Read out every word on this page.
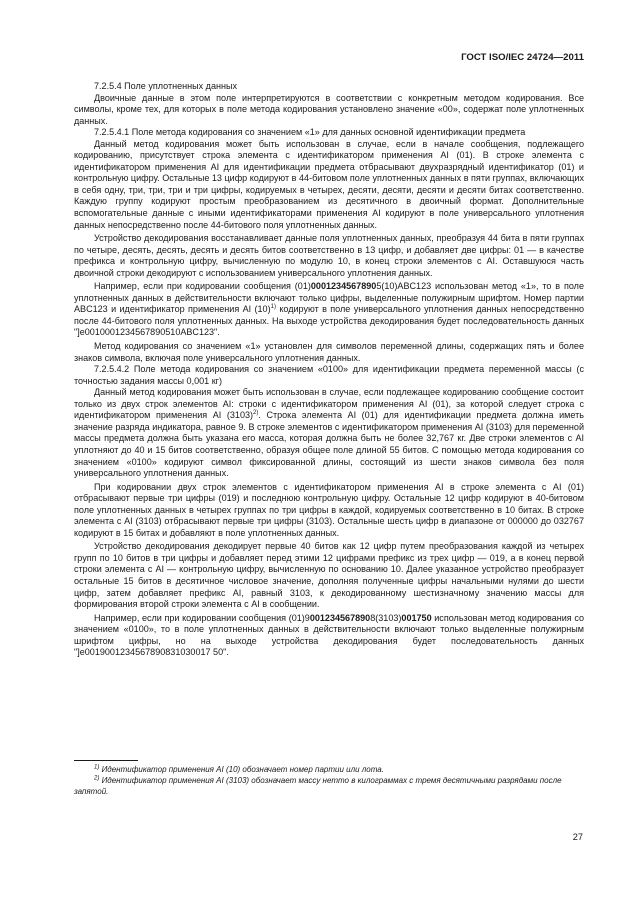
ГОСТ ISO/IEC 24724—2011

7.2.5.4 Поле уплотненных данных

Двоичные данные в этом поле интерпретируются в соответствии с конкретным методом кодирования. Все символы, кроме тех, для которых в поле метода кодирования установлено значение «00», содержат поле уплотненных данных.

7.2.5.4.1 Поле метода кодирования со значением «1» для данных основной идентификации предмета

Данный метод кодирования может быть использован в случае, если в начале сообщения, подлежащего кодированию, присутствует строка элемента с идентификатором применения AI (01). В строке элемента с идентификатором применения AI для идентификации предмета отбрасывают двухразрядный идентификатор (01) и контрольную цифру. Остальные 13 цифр кодируют в 44-битовом поле уплотненных данных в пяти группах, включающих в себя одну, три, три, три и три цифры, кодируемых в четырех, десяти, десяти, десяти и десяти битах соответственно. Каждую группу кодируют простым преобразованием из десятичного в двоичный формат. Дополнительные вспомогательные данные с иными идентификаторами применения AI кодируют в поле универсального уплотнения данных непосредственно после 44-битового поля уплотненных данных.

Устройство декодирования восстанавливает данные поля уплотненных данных, преобразуя 44 бита в пяти группах по четыре, десять, десять, десять и десять битов соответственно в 13 цифр, и добавляет две цифры: 01 — в качестве префикса и контрольную цифру, вычисленную по модулю 10, в конец строки элементов с AI. Оставшуюся часть двоичной строки декодируют с использованием универсального уплотнения данных.

Например, если при кодировании сообщения (01)00012345678905(10)ABC123 использован метод «1», то в поле уплотненных данных в действительности включают только цифры, выделенные полужирным шрифтом. Номер партии ABC123 и идентификатор применения AI $(10)^{1)}$ кодируют в поле универсального уплотнения данных непосредственно после 44-битового поля уплотненных данных. На выходе устройства декодирования будет последовательность данных "]e0010001234567890510ABC123".

Метод кодирования со значением «1» установлен для символов переменной длины, содержащих пять и более знаков символа, включая поле универсального уплотнения данных.

7.2.5.4.2 Поле метода кодирования со значением «0100» для идентификации предмета переменной массы (с точностью задания массы 0,001 кг)

Данный метод кодирования может быть использован в случае, если подлежащее кодированию сообщение состоит только из двух строк элементов AI: строки с идентификатором применения AI (01), за которой следует строка с идентификатором применения AI $(3103)^{2)}$. Строка элемента AI (01) для идентификации предмета должна иметь значение разряда индикатора, равное 9. В строке элементов с идентификатором применения AI (3103) для переменной массы предмета должна быть указана его масса, которая должна быть не более 32,767 кг. Две строки элементов с AI уплотняют до 40 и 15 битов соответственно, образуя общее поле длиной 55 битов. С помощью метода кодирования со значением «0100» кодируют символ фиксированной длины, состоящий из шести знаков символа без поля универсального уплотнения данных.

При кодировании двух строк элементов с идентификатором применения AI в строке элемента с AI (01) отбрасывают первые три цифры (019) и последнюю контрольную цифру. Остальные 12 цифр кодируют в 40-битовом поле уплотненных данных в четырех группах по три цифры в каждой, кодируемых соответственно в 10 битах. В строке элемента с AI (3103) отбрасывают первые три цифры (3103). Остальные шесть цифр в диапазоне от 000000 до 032767 кодируют в 15 битах и добавляют в поле уплотненных данных.

Устройство декодирования декодирует первые 40 битов как 12 цифр путем преобразования каждой из четырех групп по 10 битов в три цифры и добавляет перед этими 12 цифрами префикс из трех цифр — 019, а в конец первой строки элемента с AI — контрольную цифру, вычисленную по основанию 10. Далее указанное устройство преобразует остальные 15 битов в десятичное числовое значение, дополняя полученные цифры начальными нулями до шести цифр, затем добавляет префикс AI, равный 3103, к декодированному шестизначному значению массы для формирования второй строки элемента с AI в сообщении.

Например, если при кодировании сообщения (01)90012345678908(3103)001750 использован метод кодирования со значением «0100», то в поле уплотненных данных в действительности включают только выделенные полужирным шрифтом цифры, но на выходе устройства декодирования будет последовательность данных "]e0019001234567890831030017 50".

$^{1)}$ Идентификатор применения AI (10) обозначает номер партии или лота.

$^{2)}$ Идентификатор применения AI (3103) обозначает массу нетто в килограммах с тремя десятичными разрядами после запятой.

27
